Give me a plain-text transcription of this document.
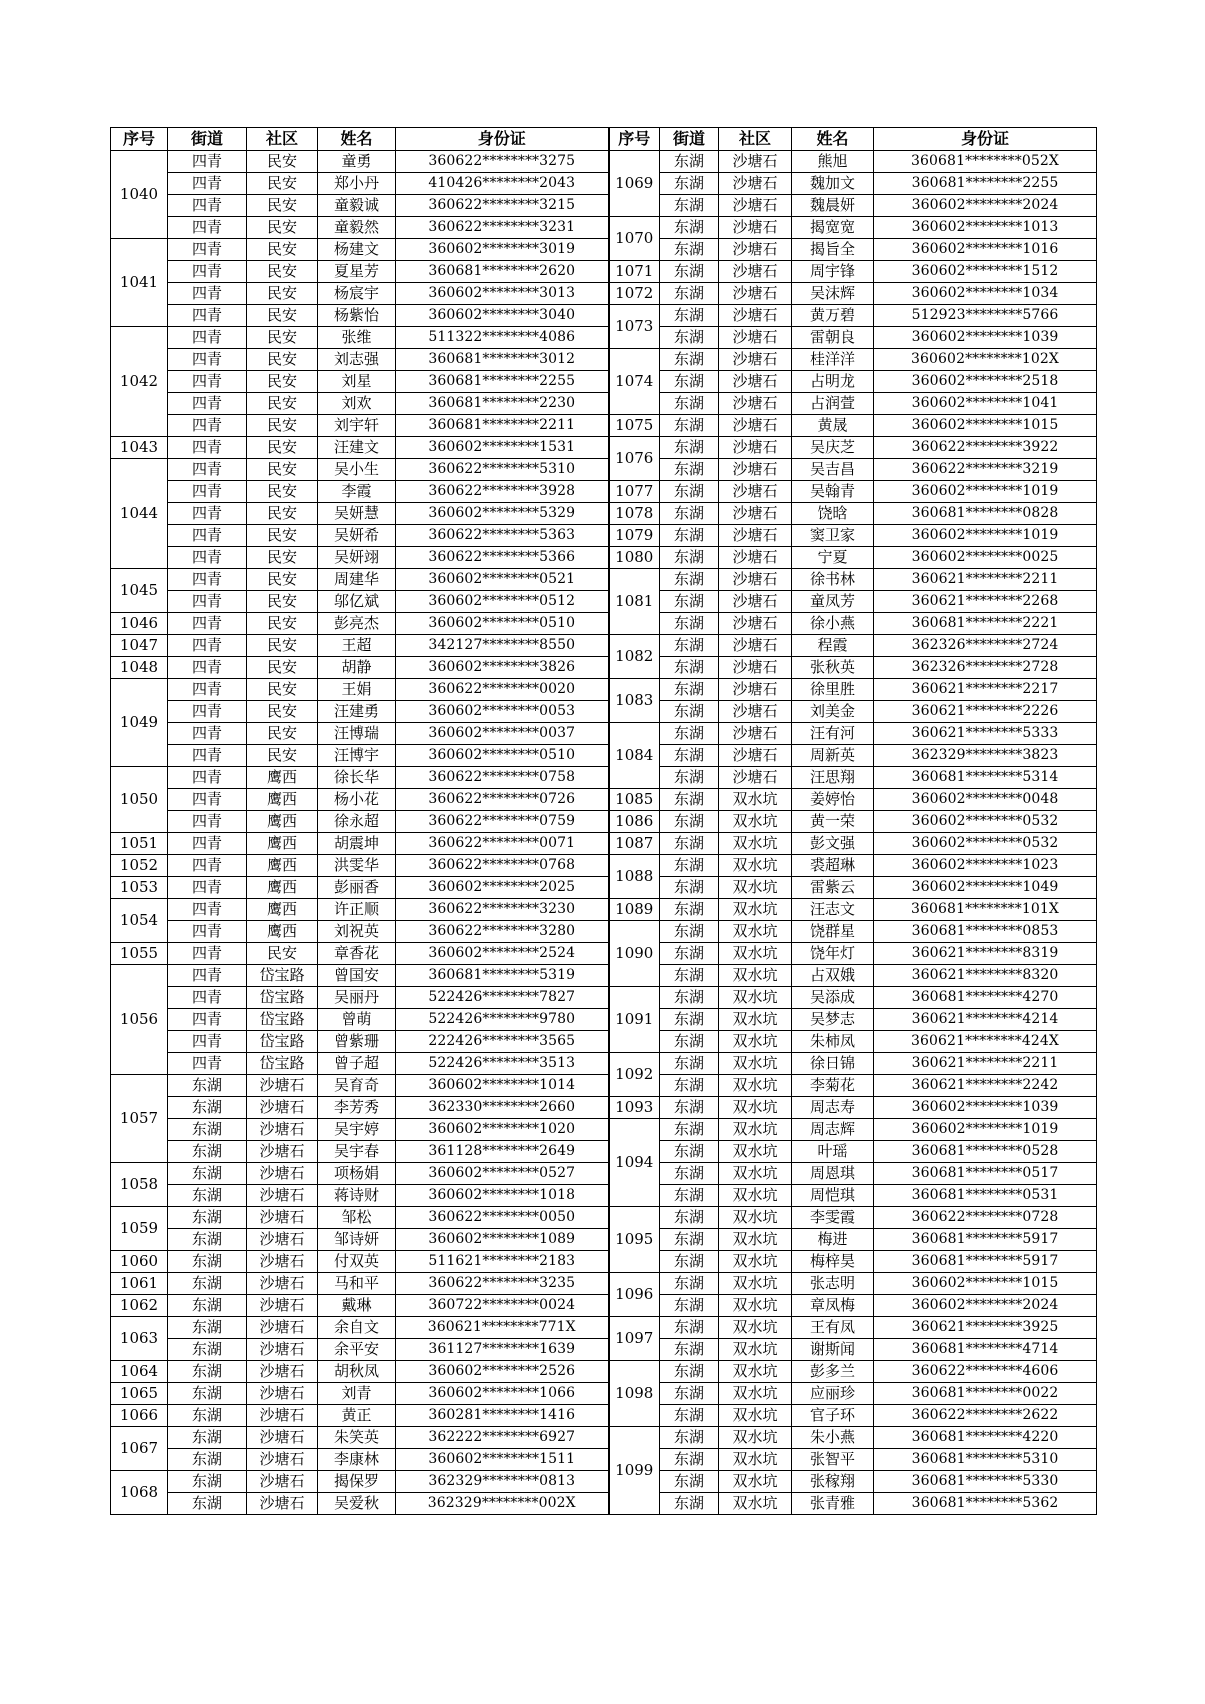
序号	街道	社区	姓名	身份证	序号	街道	社区	姓名	身份证
1040	四青	民安	童勇	360622********3275	1069	东湖	沙塘石	熊旭	360681********052X
	四青	民安	郑小丹	410426********2043		东湖	沙塘石	魏加文	360681********2255
	四青	民安	童毅诚	360622********3215		东湖	沙塘石	魏晨妍	360602********2024
	四青	民安	童毅然	360622********3231	1070	东湖	沙塘石	揭宽宽	360602********1013
1041	四青	民安	杨建文	360602********3019		东湖	沙塘石	揭旨全	360602********1016
	四青	民安	夏星芳	360681********2620	1071	东湖	沙塘石	周宇锋	360602********1512
	四青	民安	杨宸宇	360602********3013	1072	东湖	沙塘石	吴沫辉	360602********1034
	四青	民安	杨紫怡	360602********3040	1073	东湖	沙塘石	黄万碧	512923********5766
1042	四青	民安	张维	511322********4086		东湖	沙塘石	雷朝良	360602********1039
	四青	民安	刘志强	360681********3012	1074	东湖	沙塘石	桂洋洋	360602********102X
	四青	民安	刘星	360681********2255		东湖	沙塘石	占明龙	360602********2518
	四青	民安	刘欢	360681********2230		东湖	沙塘石	占润萱	360602********1041
	四青	民安	刘宇轩	360681********2211	1075	东湖	沙塘石	黄晟	360602********1015
1043	四青	民安	汪建文	360602********1531	1076	东湖	沙塘石	吴庆芝	360622********3922
1044	四青	民安	吴小生	360622********5310		东湖	沙塘石	吴吉昌	360622********3219
	四青	民安	李霞	360622********3928	1077	东湖	沙塘石	吴翰青	360602********1019
	四青	民安	吴妍慧	360602********5329	1078	东湖	沙塘石	饶晗	360681********0828
	四青	民安	吴妍希	360622********5363	1079	东湖	沙塘石	窦卫家	360602********1019
	四青	民安	吴妍翊	360622********5366	1080	东湖	沙塘石	宁夏	360602********0025
1045	四青	民安	周建华	360602********0521	1081	东湖	沙塘石	徐书林	360621********2211
	四青	民安	邬亿斌	360602********0512		东湖	沙塘石	童凤芳	360621********2268
1046	四青	民安	彭亮杰	360602********0510		东湖	沙塘石	徐小燕	360681********2221
1047	四青	民安	王超	342127********8550	1082	东湖	沙塘石	程霞	362326********2724
1048	四青	民安	胡静	360602********3826		东湖	沙塘石	张秋英	362326********2728
1049	四青	民安	王娟	360622********0020	1083	东湖	沙塘石	徐里胜	360621********2217
	四青	民安	汪建勇	360602********0053		东湖	沙塘石	刘美金	360621********2226
	四青	民安	汪博瑞	360602********0037	1084	东湖	沙塘石	汪有河	360621********5333
	四青	民安	汪博宇	360602********0510		东湖	沙塘石	周新英	362329********3823
1050	四青	鹰西	徐长华	360622********0758		东湖	沙塘石	汪思翔	360681********5314
	四青	鹰西	杨小花	360622********0726	1085	东湖	双水坑	姜婷怡	360602********0048
	四青	鹰西	徐永超	360622********0759	1086	东湖	双水坑	黄一荣	360602********0532
1051	四青	鹰西	胡震坤	360622********0071	1087	东湖	双水坑	彭文强	360602********0532
1052	四青	鹰西	洪雯华	360622********0768	1088	东湖	双水坑	裘超琳	360602********1023
1053	四青	鹰西	彭丽香	360602********2025		东湖	双水坑	雷紫云	360602********1049
1054	四青	鹰西	许正顺	360622********3230	1089	东湖	双水坑	汪志文	360681********101X
	四青	鹰西	刘祝英	360622********3280	1090	东湖	双水坑	饶群星	360681********0853
1055	四青	民安	章香花	360602********2524		东湖	双水坑	饶年灯	360621********8319
1056	四青	岱宝路	曾国安	360681********5319		东湖	双水坑	占双娥	360621********8320
	四青	岱宝路	吴丽丹	522426********7827	1091	东湖	双水坑	吴添成	360681********4270
	四青	岱宝路	曾萌	522426********9780		东湖	双水坑	吴梦志	360621********4214
	四青	岱宝路	曾紫珊	222426********3565		东湖	双水坑	朱柿凤	360621********424X
	四青	岱宝路	曾子超	522426********3513	1092	东湖	双水坑	徐日锦	360621********2211
1057	东湖	沙塘石	吴育奇	360602********1014		东湖	双水坑	李菊花	360621********2242
	东湖	沙塘石	李芳秀	362330********2660	1093	东湖	双水坑	周志寿	360602********1039
	东湖	沙塘石	吴宇婷	360602********1020	1094	东湖	双水坑	周志辉	360602********1019
	东湖	沙塘石	吴宇春	361128********2649		东湖	双水坑	叶瑶	360681********0528
1058	东湖	沙塘石	项杨娟	360602********0527		东湖	双水坑	周恩琪	360681********0517
	东湖	沙塘石	蒋诗财	360602********1018		东湖	双水坑	周恺琪	360681********0531
1059	东湖	沙塘石	邹松	360622********0050	1095	东湖	双水坑	李雯霞	360622********0728
	东湖	沙塘石	邹诗妍	360602********1089		东湖	双水坑	梅进	360681********5917
1060	东湖	沙塘石	付双英	511621********2183		东湖	双水坑	梅梓昊	360681********5917
1061	东湖	沙塘石	马和平	360622********3235	1096	东湖	双水坑	张志明	360602********1015
1062	东湖	沙塘石	戴琳	360722********0024		东湖	双水坑	章凤梅	360602********2024
1063	东湖	沙塘石	余自文	360621********771X	1097	东湖	双水坑	王有凤	360621********3925
	东湖	沙塘石	余平安	361127********1639		东湖	双水坑	谢斯闻	360681********4714
1064	东湖	沙塘石	胡秋凤	360602********2526	1098	东湖	双水坑	彭多兰	360622********4606
1065	东湖	沙塘石	刘青	360602********1066		东湖	双水坑	应丽珍	360681********0022
1066	东湖	沙塘石	黄正	360281********1416		东湖	双水坑	官子环	360622********2622
1067	东湖	沙塘石	朱笑英	362222********6927	1099	东湖	双水坑	朱小燕	360681********4220
	东湖	沙塘石	李康林	360602********1511		东湖	双水坑	张智平	360681********5310
1068	东湖	沙塘石	揭保罗	362329********0813		东湖	双水坑	张稼翔	360681********5330
	东湖	沙塘石	吴爱秋	362329********002X		东湖	双水坑	张青雅	360681********5362
